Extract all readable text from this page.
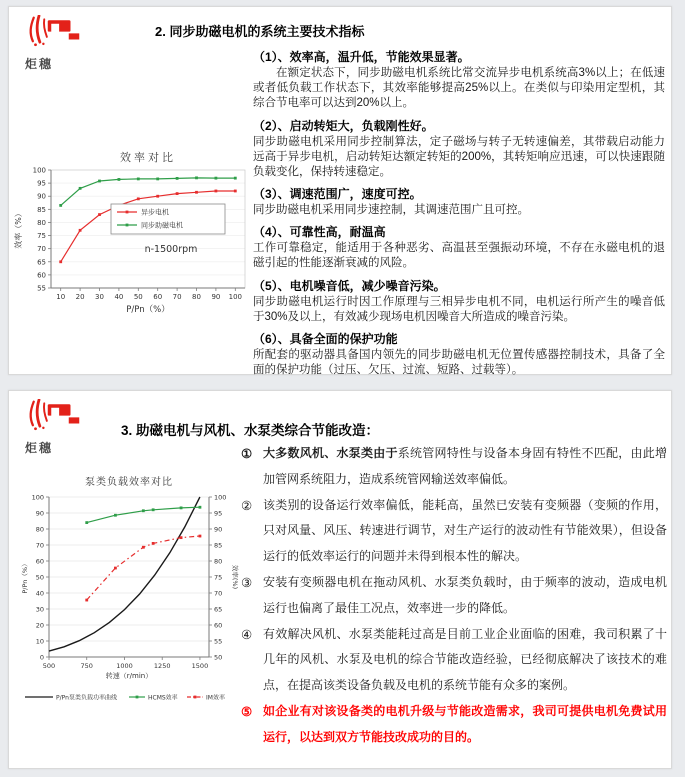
炬穗
2. 同步助磁电机的系统主要技术指标
效率对比
55
60
65
70
75
80
85
90
95
100
10 20 30 40 50 60 70 80 90 100
效率（%）
P/Pn（%）
异步电机
同步助磁电机
n-1500rpm

（1）、效率高，温升低，节能效果显著。

在额定状态下，同步助磁电机系统比常交流异步电机系统高3%以上；在低速或者低负载工作状态下，其效率能够提高25%以上。在类似与印染用定型机，其综合节电率可以达到20%以上。

（2）、启动转矩大，负载刚性好。

同步助磁电机采用同步控制算法，定子磁场与转子无转速偏差，其带载启动能力远高于异步电机，启动转矩达额定转矩的200%，其转矩响应迅速，可以快速跟随负载变化，保持转速稳定。

（3）、调速范围广，速度可控。

同步助磁电机采用同步速控制，其调速范围广且可控。

（4）、可靠性高，耐温高

工作可靠稳定，能适用于各种恶劣、高温甚至强振动环境，不存在永磁电机的退磁引起的性能逐渐衰减的风险。

（5）、电机噪音低，减少噪音污染。

同步助磁电机运行时因工作原理与三相异步电机不同，电机运行所产生的噪音低于30%及以上，有效减少现场电机因噪音大所造成的噪音污染。

（6）、具备全面的保护功能

所配套的驱动器具备国内领先的同步助磁电机无位置传感器控制技术，具备了全面的保护功能（过压、欠压、过流、短路、过载等）。

炬穗
3. 助磁电机与风机、水泵类综合节能改造：
泵类负载效率对比
0
10
20
30
40
50
60
70
80
90
100
50
55
60
65
70
75
80
85
90
95
100
500	750	1000	1250	1500
P/Pn（%）	效率(%)
转速（r/min）
P/Pn泵类负载功率曲线	HCMS效率	IM效率
① 大多数风机、水泵类由于系统管网特性与设备本身固有特性不匹配，由此增加管网系统阻力，造成系统管网输送效率偏低。
② 该类别的设备运行效率偏低，能耗高，虽然已安装有变频器（变频的作用，只对风量、风压、转速进行调节，对生产运行的波动性有节能效果），但设备运行的低效率运行的问题并未得到根本性的解决。
③ 安装有变频器电机在拖动风机、水泵类负载时，由于频率的波动，造成电机运行也偏离了最佳工况点，效率进一步的降低。
④ 有效解决风机、水泵类能耗过高是目前工业企业面临的困难，我司积累了十几年的风机、水泵及电机的综合节能改造经验，已经彻底解决了该技术的难点，在提高该类设备负载及电机的系统节能有众多的案例。
⑤ 如企业有对该设备类的电机升级与节能改造需求，我司可提供电机免费试用运行，以达到双方节能技改成功的目的。
